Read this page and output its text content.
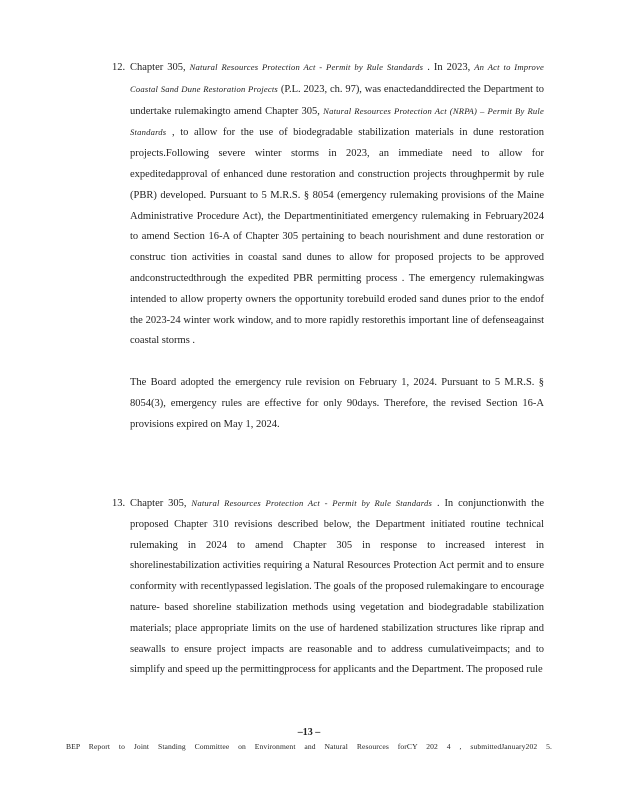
12. Chapter 305, Natural Resources Protection Act - Permit by Rule Standards . In 2023, An Act to Improve Coastal Sand Dune Restoration Projects (P.L. 2023, ch. 97), was enactedanddirected the Department to undertake rulemakingto amend Chapter 305, Natural Resources Protection Act (NRPA) – Permit By Rule Standards , to allow for the use of biodegradable stabilization materials in dune restoration projects.Following severe winter storms in 2023, an immediate need to allow for expeditedapproval of enhanced dune restoration and construction projects throughpermit by rule (PBR) developed. Pursuant to 5 M.R.S. § 8054 (emergency rulemaking provisions of the Maine Administrative Procedure Act), the Departmentinitiated emergency rulemaking in February2024 to amend Section 16-A of Chapter 305 pertaining to beach nourishment and dune restoration or construc tion activities in coastal sand dunes to allow for proposed projects to be approved andconstructedthrough the expedited PBR permitting process . The emergency rulemakingwas intended to allow property owners the opportunity torebuild eroded sand dunes prior to the endof the 2023-24 winter work window, and to more rapidly restorethis important line of defenseagainst coastal storms .
The Board adopted the emergency rule revision on February 1, 2024. Pursuant to 5 M.R.S. § 8054(3), emergency rules are effective for only 90days. Therefore, the revised Section 16-A provisions expired on May 1, 2024.
13. Chapter 305, Natural Resources Protection Act - Permit by Rule Standards . In conjunctionwith the proposed Chapter 310 revisions described below, the Department initiated routine technical rulemaking in 2024 to amend Chapter 305 in response to increased interest in shorelinestabilization activities requiring a Natural Resources Protection Act permit and to ensure conformity with recentlypassed legislation. The goals of the proposed rulemakingare to encourage nature- based shoreline stabilization methods using vegetation and biodegradable stabilization materials; place appropriate limits on the use of hardened stabilization structures like riprap and seawalls to ensure project impacts are reasonable and to address cumulativeimpacts; and to simplify and speed up the permittingprocess for applicants and the Department. The proposed rule
–13 –
BEP Report to Joint Standing Committee on Environment and Natural Resources forCY 202 4 , submittedJanuary202 5.
